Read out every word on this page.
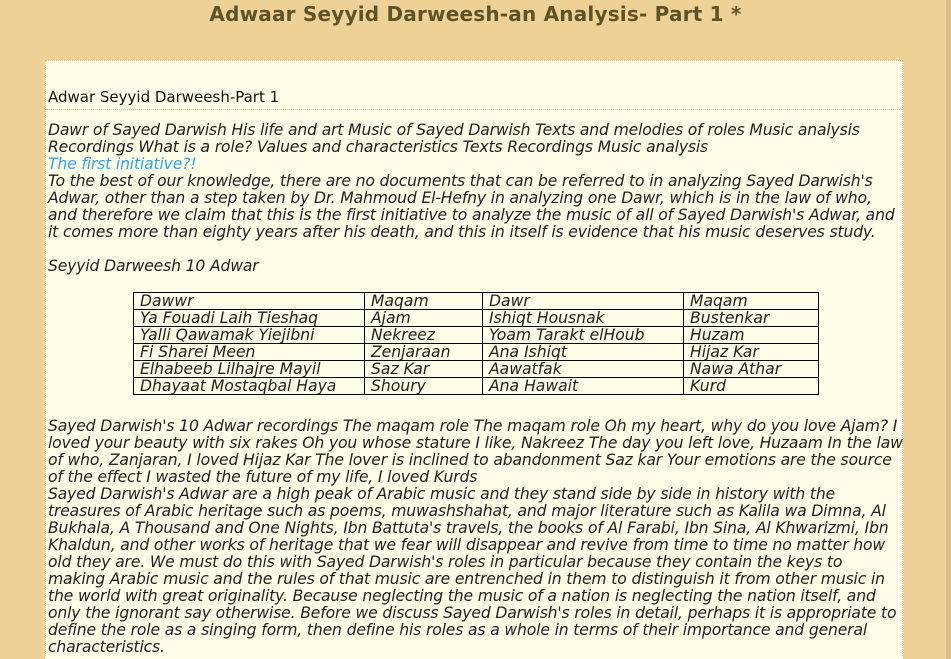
Adwaar Seyyid Darweesh-an Analysis- Part 1 *
Adwar Seyyid Darweesh-Part 1

Dawr of Sayed Darwish His life and art Music of Sayed Darwish Texts and melodies of roles Music analysis Recordings What is a role? Values and characteristics Texts Recordings Music analysis

The first initiative?!

To the best of our knowledge, there are no documents that can be referred to in analyzing Sayed Darwish's Adwar, other than a step taken by Dr. Mahmoud El-Hefny in analyzing one Dawr, which is in the law of who, and therefore we claim that this is the first initiative to analyze the music of all of Sayed Darwish's Adwar, and it comes more than eighty years after his death, and this in itself is evidence that his music deserves study.

Seyyid Darweesh 10 Adwar

Dawwr	Maqam	Dawr	Maqam
Ya Fouadi Laih Tieshaq	Ajam	Ishiqt Housnak	Bustenkar
Yalli Qawamak Yiejibni	Nekreez	Yoam Tarakt elHoub	Huzam
Fi Sharei Meen	Zenjaraan	Ana Ishiqt	Hijaz Kar
Elhabeeb Lilhajre Mayil	Saz Kar	Aawatfak	Nawa Athar
Dhayaat Mostaqbal Haya	Shoury	Ana Hawait	Kurd

Sayed Darwish's 10 Adwar recordings The maqam role The maqam role Oh my heart, why do you love Ajam? I loved your beauty with six rakes Oh you whose stature I like, Nakreez The day you left love, Huzaam In the law of who, Zanjaran, I loved Hijaz Kar The lover is inclined to abandonment Saz kar Your emotions are the source of the effect I wasted the future of my life, I loved Kurds

Sayed Darwish's Adwar are a high peak of Arabic music and they stand side by side in history with the treasures of Arabic heritage such as poems, muwashshahat, and major literature such as Kalila wa Dimna, Al Bukhala, A Thousand and One Nights, Ibn Battuta's travels, the books of Al Farabi, Ibn Sina, Al Khwarizmi, Ibn Khaldun, and other works of heritage that we fear will disappear and revive from time to time no matter how old they are. We must do this with Sayed Darwish's roles in particular because they contain the keys to making Arabic music and the rules of that music are entrenched in them to distinguish it from other music in the world with great originality. Because neglecting the music of a nation is neglecting the nation itself, and only the ignorant say otherwise. Before we discuss Sayed Darwish's roles in detail, perhaps it is appropriate to define the role as a singing form, then define his roles as a whole in terms of their importance and general characteristics.
